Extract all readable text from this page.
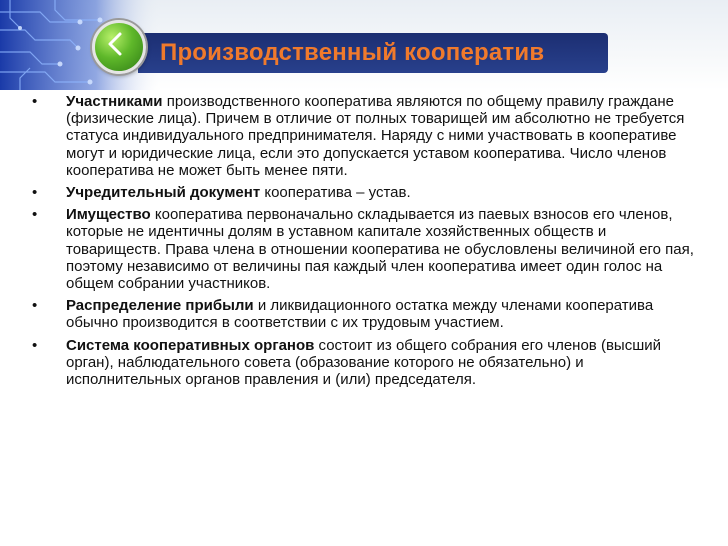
Производственный кооператив
• Участниками производственного кооператива являются по общему правилу граждане (физические лица). Причем в отличие от полных товарищей им абсолютно не требуется статуса индивидуального предпринимателя. Наряду с ними участвовать в кооперативе могут и юридические лица, если это допускается уставом кооператива. Число членов кооператива не может быть менее пяти.
• Учредительный документ кооператива – устав.
• Имущество кооператива первоначально складывается из паевых взносов его членов, которые не идентичны долям в уставном капитале хозяйственных обществ и товариществ. Права члена в отношении кооператива не обусловлены величиной его пая, поэтому независимо от величины пая каждый член кооператива имеет один голос на общем собрании участников.
• Распределение прибыли и ликвидационного остатка между членами кооператива обычно производится в соответствии с их трудовым участием.
• Система кооперативных органов состоит из общего собрания его членов (высший орган), наблюдательного совета (образование которого не обязательно) и исполнительных органов правления и (или) председателя.
